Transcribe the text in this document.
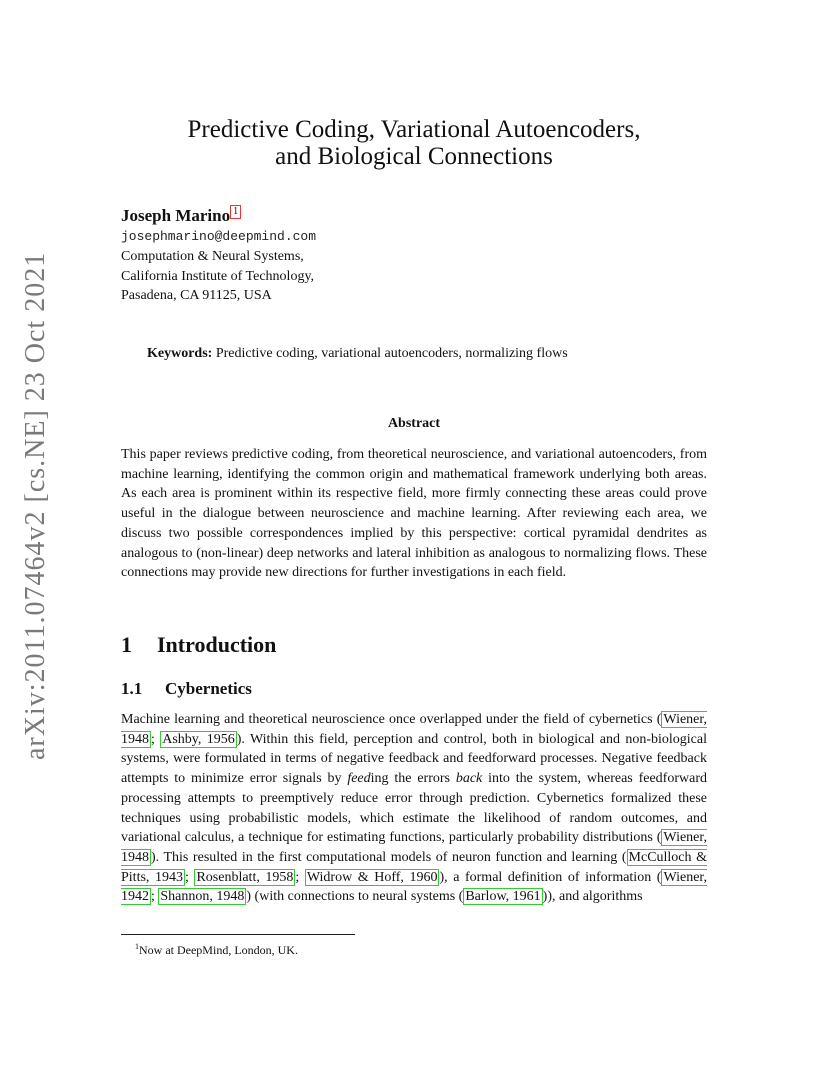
arXiv:2011.07464v2 [cs.NE] 23 Oct 2021
Predictive Coding, Variational Autoencoders,
and Biological Connections
Joseph Marino 1
josephmarino@deepmind.com
Computation & Neural Systems,
California Institute of Technology,
Pasadena, CA 91125, USA
Keywords: Predictive coding, variational autoencoders, normalizing flows
Abstract
This paper reviews predictive coding, from theoretical neuroscience, and variational autoencoders, from machine learning, identifying the common origin and mathematical framework underlying both areas. As each area is prominent within its respective field, more firmly connecting these areas could prove useful in the dialogue between neuroscience and machine learning. After reviewing each area, we discuss two possible correspondences implied by this perspective: cortical pyramidal dendrites as analogous to (non-linear) deep networks and lateral inhibition as analogous to normalizing flows. These connections may provide new directions for further investigations in each field.
1 Introduction
1.1 Cybernetics
Machine learning and theoretical neuroscience once overlapped under the field of cybernetics ( Wiener, 1948 ; Ashby, 1956 ). Within this field, perception and control, both in biological and non-biological systems, were formulated in terms of negative feedback and feedforward processes. Negative feedback attempts to minimize error signals by feeding the errors back into the system, whereas feedforward processing attempts to preemptively reduce error through prediction. Cybernetics formalized these techniques using probabilistic models, which estimate the likelihood of random outcomes, and variational calculus, a technique for estimating functions, particularly probability distributions ( Wiener, 1948 ). This resulted in the first computational models of neuron function and learning ( McCulloch & Pitts, 1943 ; Rosenblatt, 1958 ; Widrow & Hoff, 1960 ), a formal definition of information ( Wiener, 1942 ; Shannon, 1948 ) (with connections to neural systems ( Barlow, 1961 )), and algorithms
$^1$Now at DeepMind, London, UK.
